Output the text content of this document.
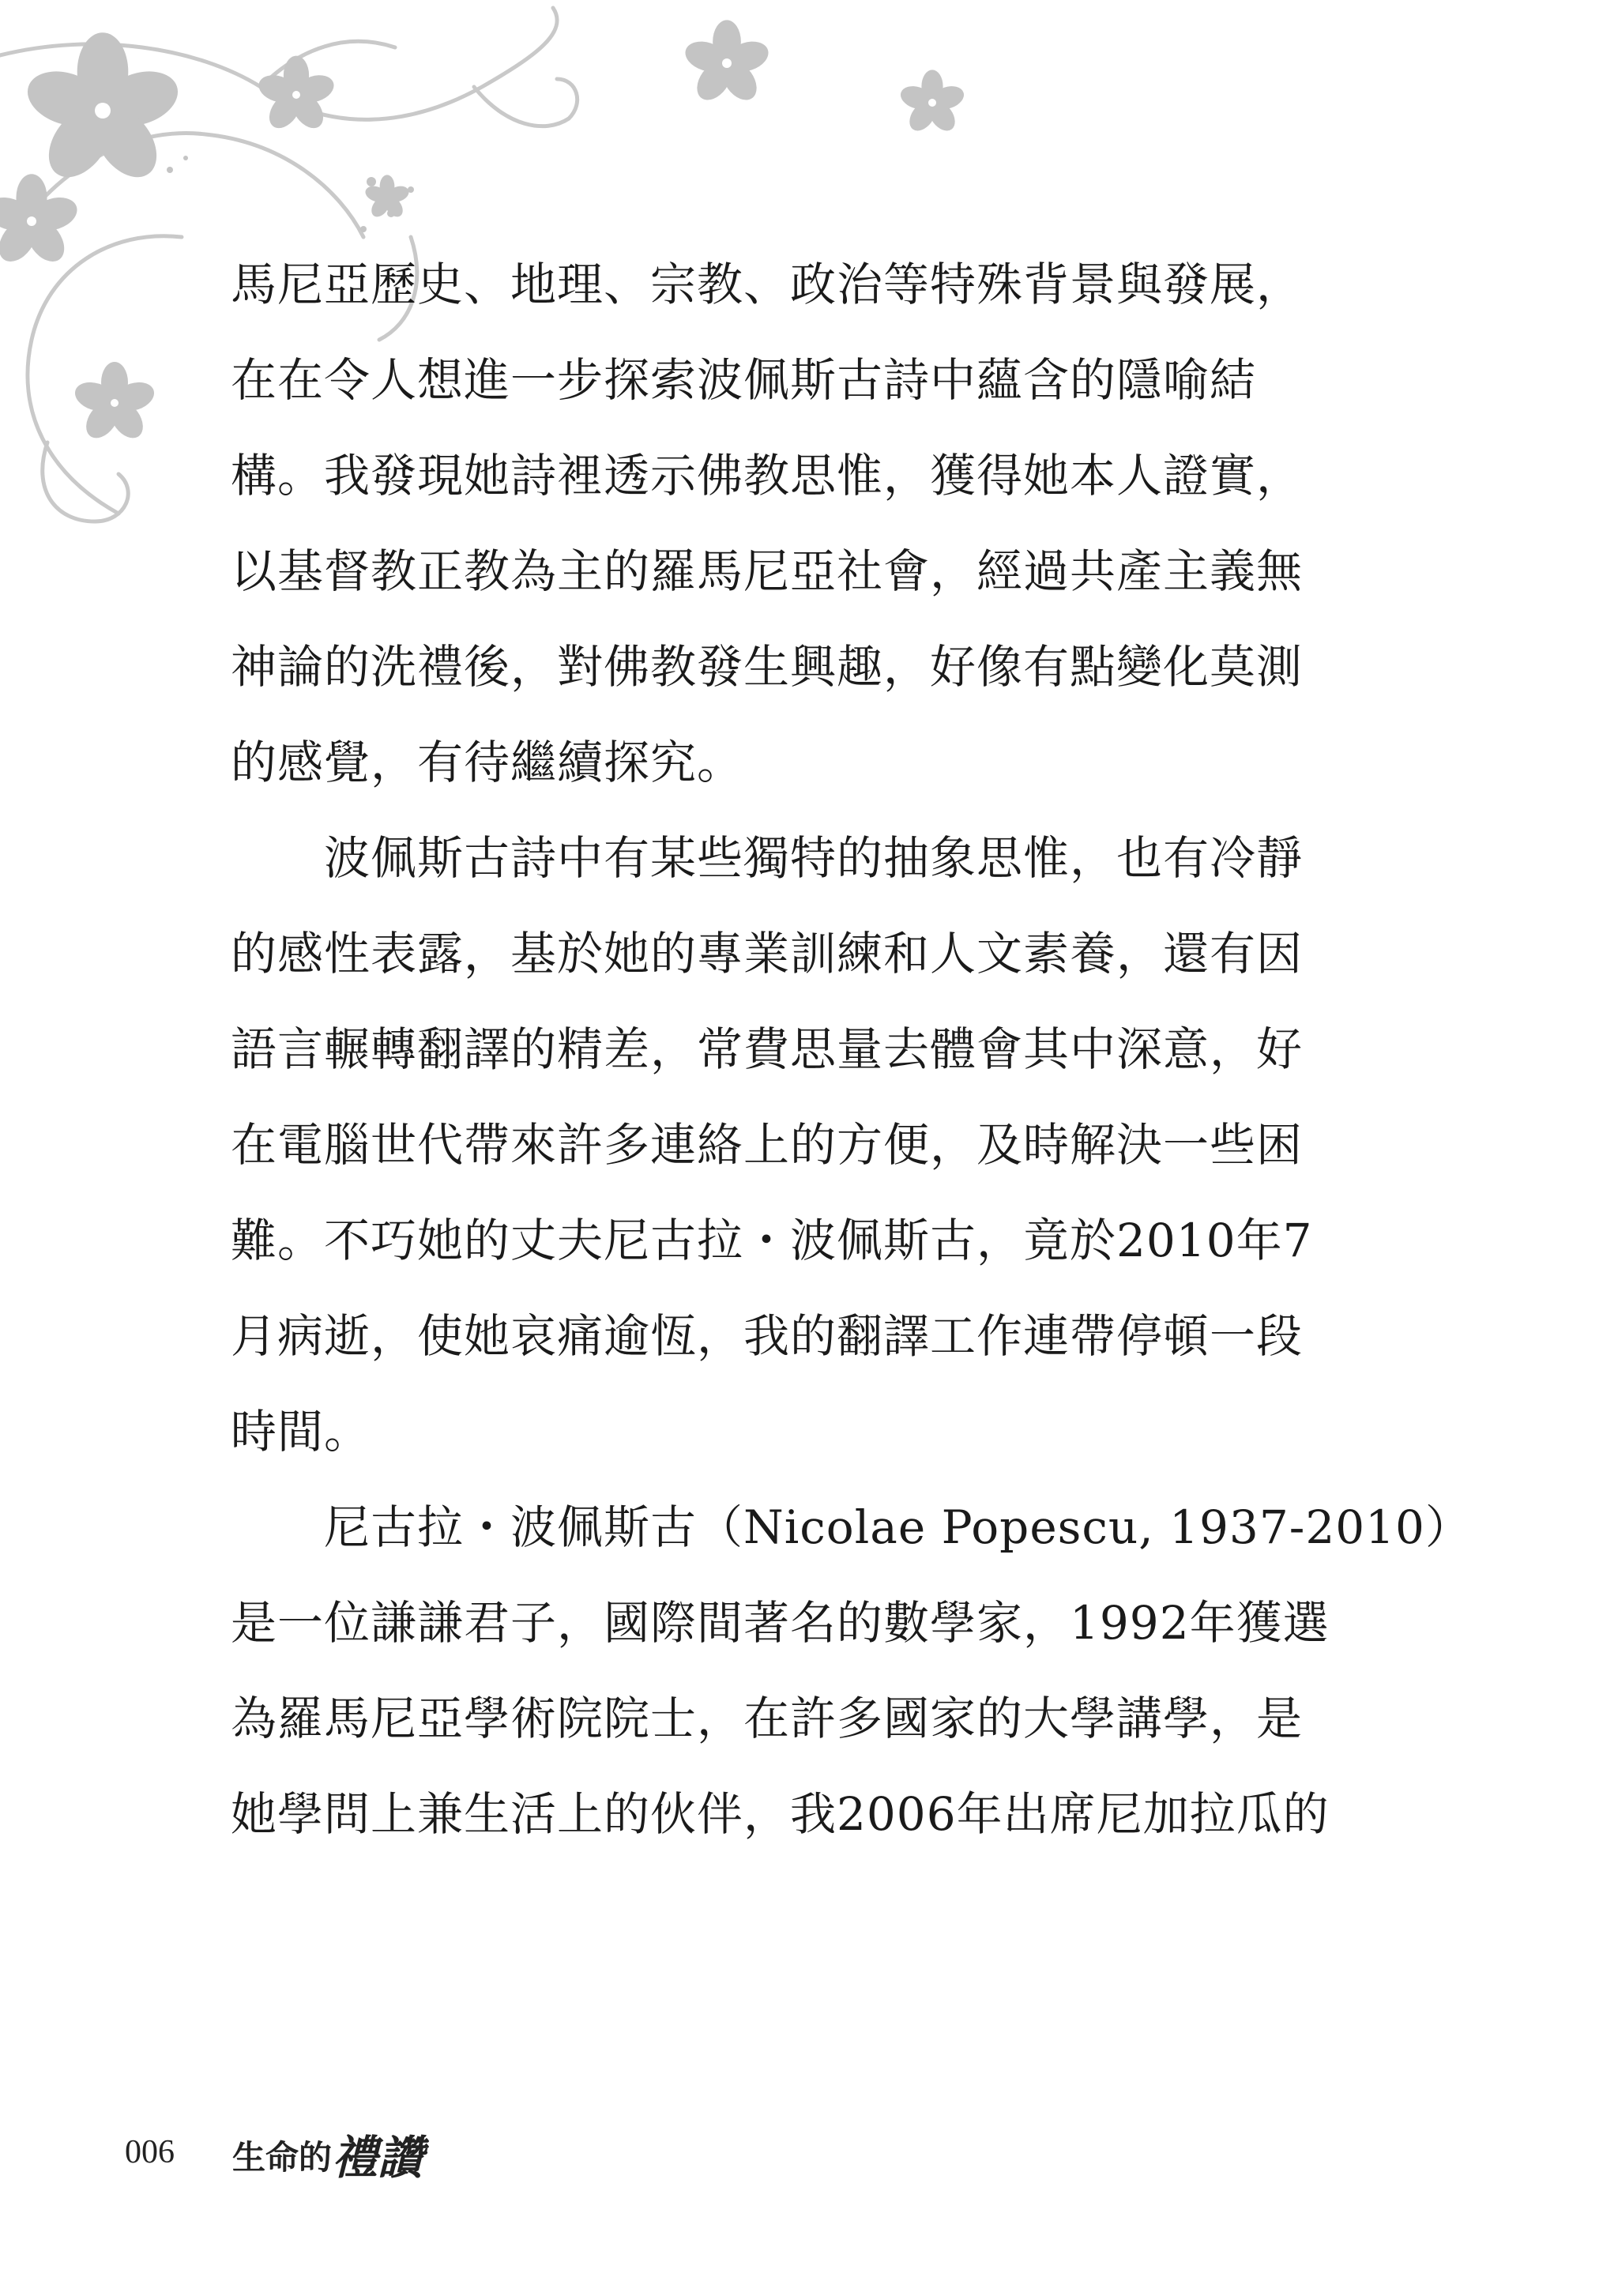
馬尼亞歷史、地理、宗教、政治等特殊背景與發展，
在在令人想進一步探索波佩斯古詩中蘊含的隱喻結
構。我發現她詩裡透示佛教思惟，獲得她本人證實，
以基督教正教為主的羅馬尼亞社會，經過共產主義無
神論的洗禮後，對佛教發生興趣，好像有點變化莫測
的感覺，有待繼續探究。
波佩斯古詩中有某些獨特的抽象思惟，也有冷靜
的感性表露，基於她的專業訓練和人文素養，還有因
語言輾轉翻譯的精差，常費思量去體會其中深意，好
在電腦世代帶來許多連絡上的方便，及時解決一些困
難。不巧她的丈夫尼古拉・波佩斯古，竟於2010年7
月病逝，使她哀痛逾恆，我的翻譯工作連帶停頓一段
時間。
尼古拉・波佩斯古（Nicolae Popescu, 1937-2010）
是一位謙謙君子，國際間著名的數學家，1992年獲選
為羅馬尼亞學術院院士，在許多國家的大學講學，是
她學問上兼生活上的伙伴，我2006年出席尼加拉瓜的
006 生命的 禮讚
